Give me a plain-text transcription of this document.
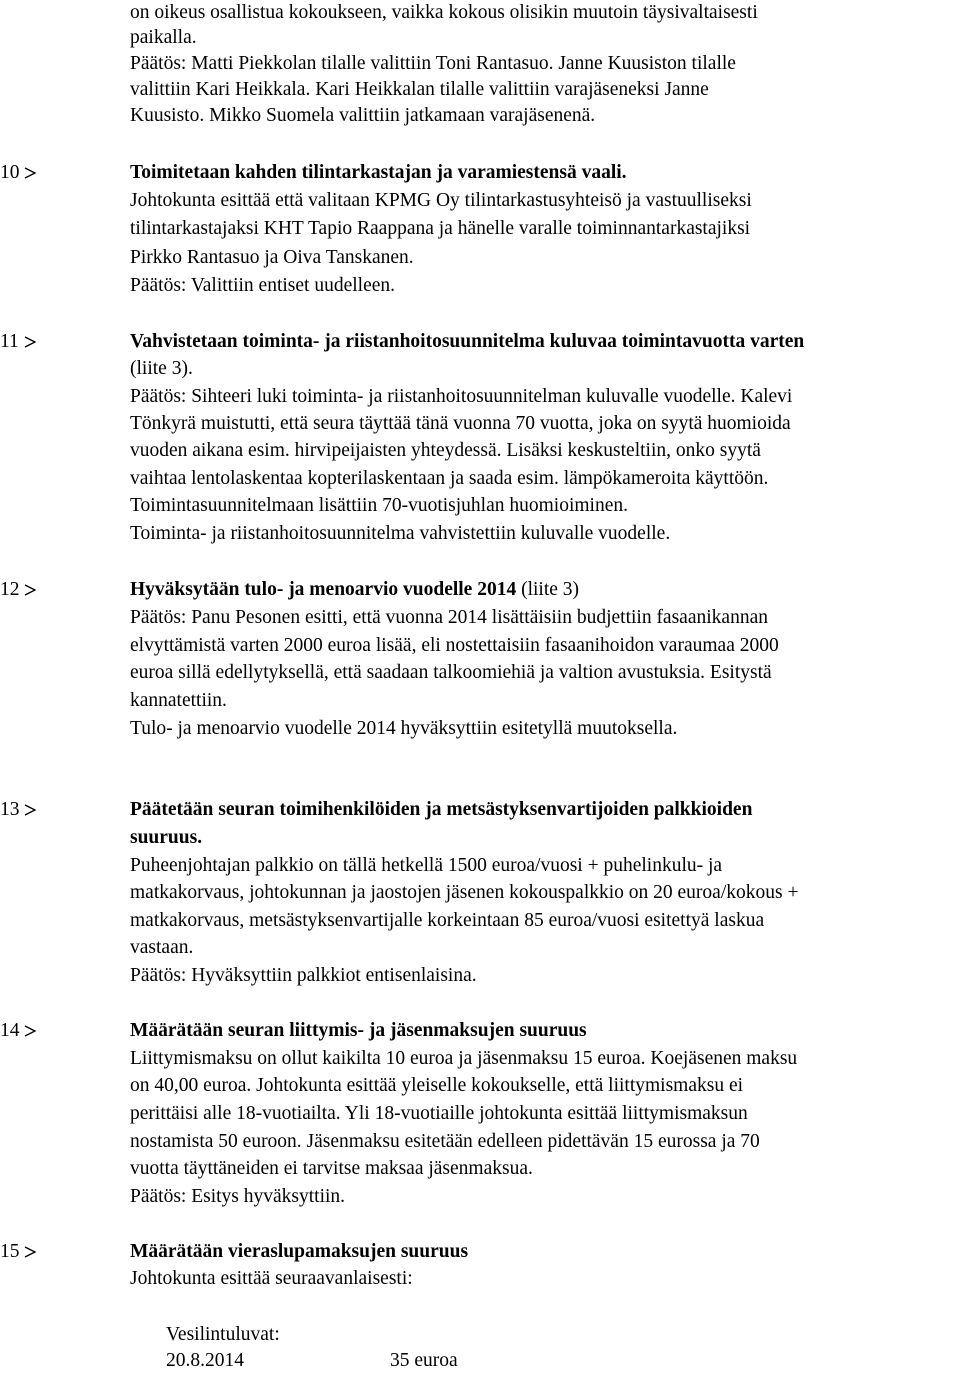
on oikeus osallistua kokoukseen, vaikka kokous olisikin muutoin täysivaltaisesti
paikalla.
Päätös: Matti Piekkolan tilalle valittiin Toni Rantasuo. Janne Kuusiston tilalle
valittiin Kari Heikkala. Kari Heikkalan tilalle valittiin varajäseneksi Janne
Kuusisto. Mikko Suomela valittiin jatkamaan varajäsenenä.
10	Toimitetaan kahden tilintarkastajan ja varamiestensä vaali.
Johtokunta esittää että valitaan KPMG Oy tilintarkastusyhteisö ja vastuulliseksi
tilintarkastajaksi KHT Tapio Raappana ja hänelle varalle toiminnantarkastajiksi
Pirkko Rantasuo ja Oiva Tanskanen.
Päätös: Valittiin entiset uudelleen.
11	Vahvistetaan toiminta- ja riistanhoitosuunnitelma kuluvaa toimintavuotta varten
(liite 3).
Päätös: Sihteeri luki toiminta- ja riistanhoitosuunnitelman kuluvalle vuodelle. Kalevi
Tönkyrä muistutti, että seura täyttää tänä vuonna 70 vuotta, joka on syytä huomioida
vuoden aikana esim. hirvipeijaisten yhteydessä. Lisäksi keskusteltiin, onko syytä
vaihtaa lentolaskentaa kopterilaskentaan ja saada esim. lämpökameroita käyttöön.
Toimintasuunnitelmaan lisättiin 70-vuotisjuhlan huomioiminen.
Toiminta- ja riistanhoitosuunnitelma vahvistettiin kuluvalle vuodelle.
12	Hyväksytään tulo- ja menoarvio vuodelle 2014 (liite 3)
Päätös: Panu Pesonen esitti, että vuonna 2014 lisättäisiin budjettiin fasaanikannan
elvyttämistä varten 2000 euroa lisää, eli nostettaisiin fasaanihoidon varaumaa 2000
euroa sillä edellytyksellä, että saadaan talkoomiehiä ja valtion avustuksia. Esitystä
kannatettiin.
Tulo- ja menoarvio vuodelle 2014 hyväksyttiin esitetyllä muutoksella.
13	Päätetään seuran toimihenkilöiden ja metsästyksenvartijoiden palkkioiden
suuruus.
Puheenjohtajan palkkio on tällä hetkellä 1500 euroa/vuosi + puhelinkulu- ja
matkakorvaus, johtokunnan ja jaostojen jäsenen kokouspalkkio on 20 euroa/kokous +
matkakorvaus, metsästyksenvartijalle korkeintaan 85 euroa/vuosi esitettyä laskua
vastaan.
Päätös: Hyväksyttiin palkkiot entisenlaisina.
14	Määrätään seuran liittymis- ja jäsenmaksujen suuruus
Liittymismaksu on ollut kaikilta 10 euroa ja jäsenmaksu 15 euroa. Koejäsenen maksu
on 40,00 euroa. Johtokunta esittää yleiselle kokoukselle, että liittymismaksu ei
perittäisi alle 18-vuotiailta. Yli 18-vuotiaille johtokunta esittää liittymismaksun
nostamista 50 euroon. Jäsenmaksu esitetään edelleen pidettävän 15 eurossa ja 70
vuotta täyttäneiden ei tarvitse maksaa jäsenmaksua.
Päätös: Esitys hyväksyttiin.
15	Määrätään vieraslupamaksujen suuruus
Johtokunta esittää seuraavanlaisesti:
Vesilintuluvat:
20.8.2014	35 euroa
